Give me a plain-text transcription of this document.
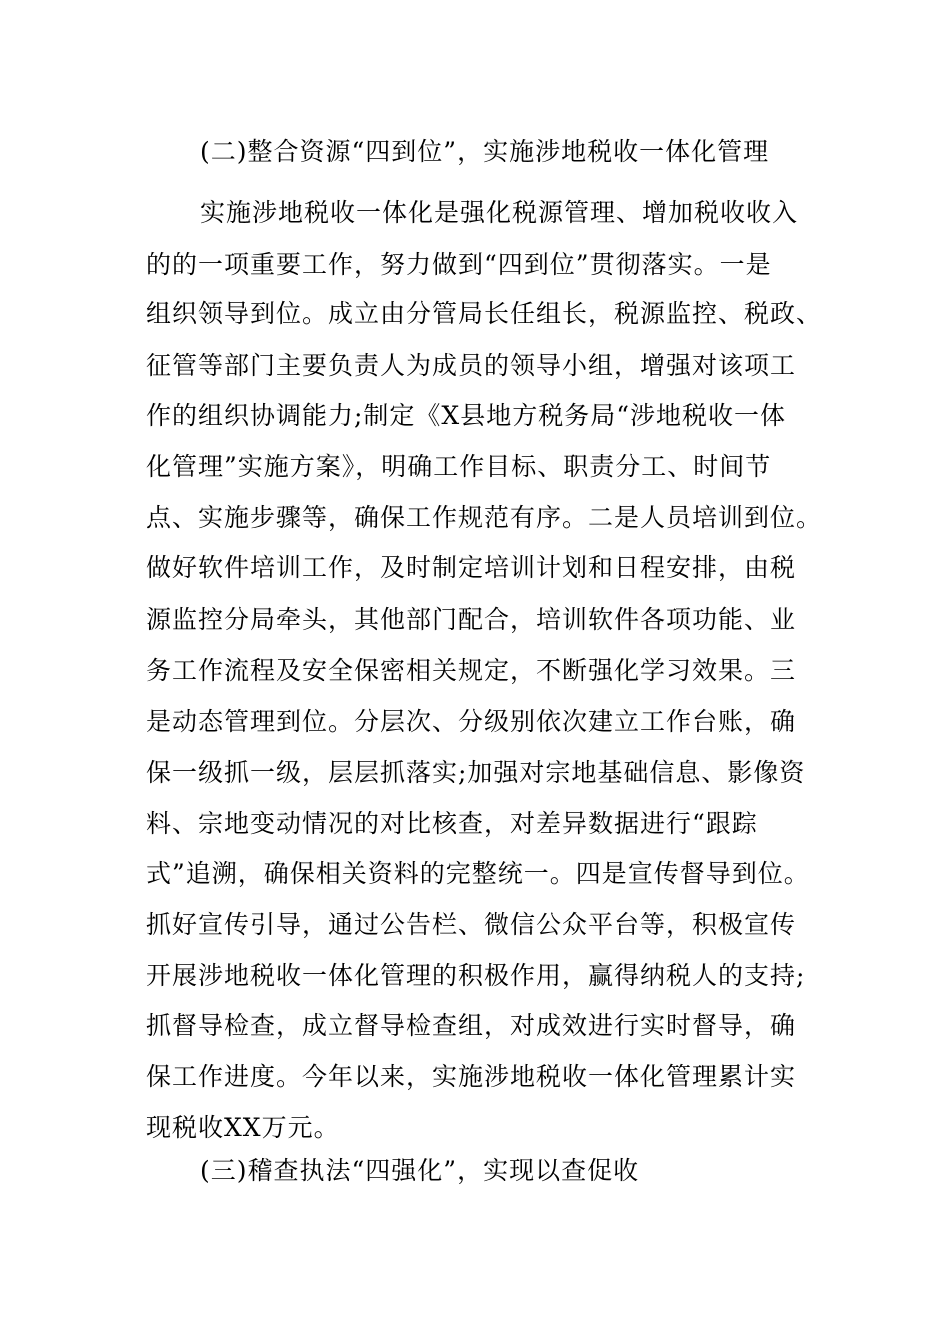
(二)整合资源“四到位”，实施涉地税收一体化管理
实施涉地税收一体化是强化税源管理、增加税收收入
的的一项重要工作，努力做到“四到位”贯彻落实。一是
组织领导到位。成立由分管局长任组长，税源监控、税政、
征管等部门主要负责人为成员的领导小组，增强对该项工
作的组织协调能力;制定《X县地方税务局“涉地税收一体
化管理”实施方案》，明确工作目标、职责分工、时间节
点、实施步骤等，确保工作规范有序。二是人员培训到位。
做好软件培训工作，及时制定培训计划和日程安排，由税
源监控分局牵头，其他部门配合，培训软件各项功能、业
务工作流程及安全保密相关规定，不断强化学习效果。三
是动态管理到位。分层次、分级别依次建立工作台账，确
保一级抓一级，层层抓落实;加强对宗地基础信息、影像资
料、宗地变动情况的对比核查，对差异数据进行“跟踪
式”追溯，确保相关资料的完整统一。四是宣传督导到位。
抓好宣传引导，通过公告栏、微信公众平台等，积极宣传
开展涉地税收一体化管理的积极作用，赢得纳税人的支持;
抓督导检查，成立督导检查组，对成效进行实时督导，确
保工作进度。今年以来，实施涉地税收一体化管理累计实
现税收XX万元。
(三)稽查执法“四强化”，实现以查促收
